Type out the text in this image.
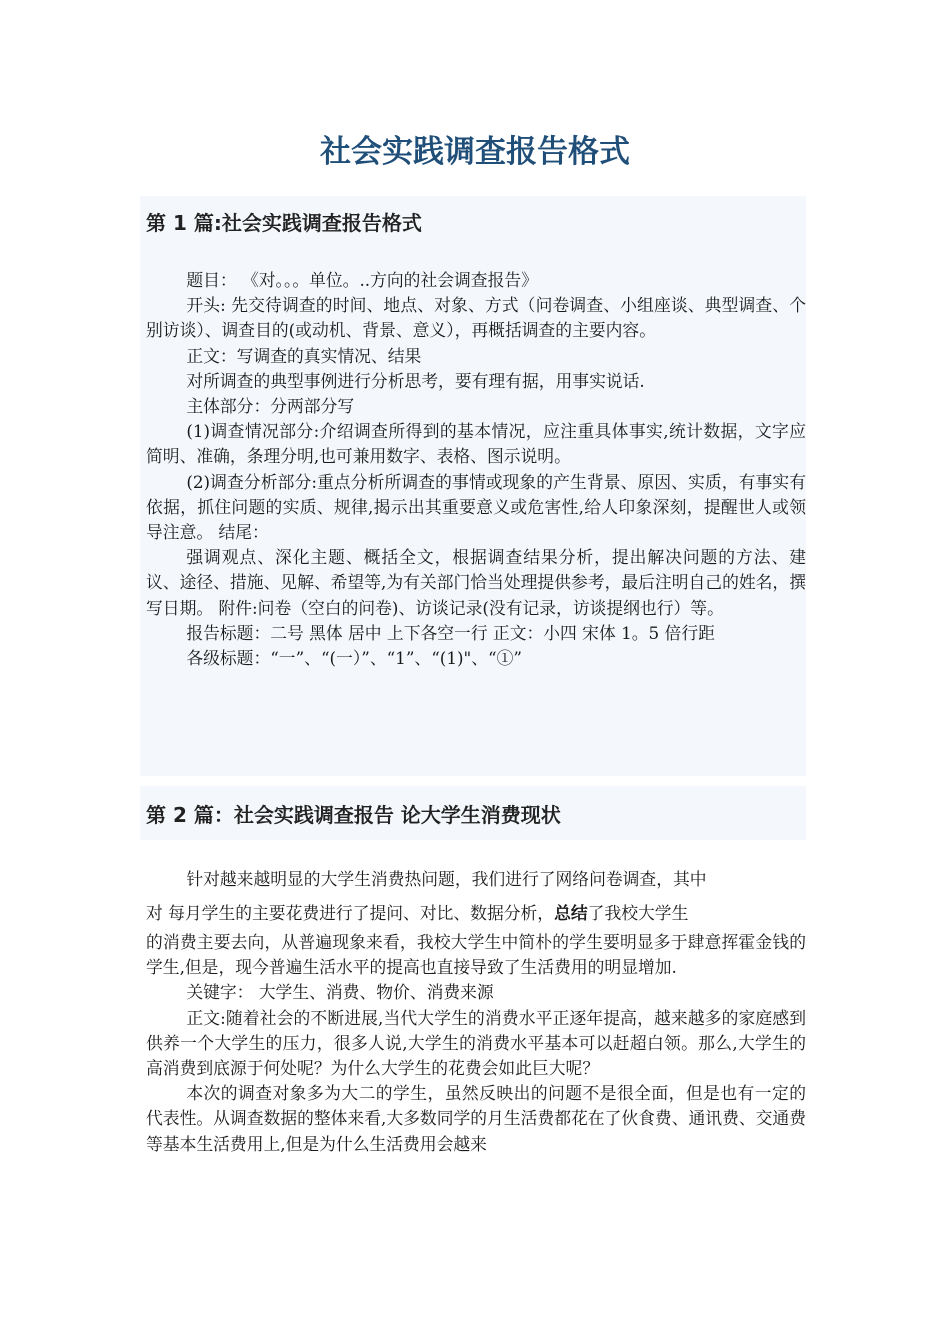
社会实践调查报告格式
第 1 篇:社会实践调查报告格式

题目： 《对。。。单位。..方向的社会调查报告》

开头: 先交待调查的时间、地点、对象、方式（问卷调查、小组座谈、典型调查、个别访谈）、调查目的(或动机、背景、意义），再概括调查的主要内容。

正文：写调查的真实情况、结果

对所调查的典型事例进行分析思考，要有理有据，用事实说话.

主体部分：分两部分写

(1)调查情况部分:介绍调查所得到的基本情况，应注重具体事实,统计数据，文字应简明、准确，条理分明,也可兼用数字、表格、图示说明。

(2)调查分析部分:重点分析所调查的事情或现象的产生背景、原因、实质，有事实有依据，抓住问题的实质、规律,揭示出其重要意义或危害性,给人印象深刻，提醒世人或领导注意。 结尾：

强调观点、深化主题、概括全文，根据调查结果分析，提出解决问题的方法、建议、途径、措施、见解、希望等,为有关部门恰当处理提供参考，最后注明自己的姓名，撰写日期。 附件:问卷（空白的问卷)、访谈记录(没有记录，访谈提纲也行）等。

报告标题：二号 黑体 居中 上下各空一行 正文：小四 宋体 1。5 倍行距

各级标题：“一”、“(一）”、“1”、“(1)"、“①”

第 2 篇：社会实践调查报告 论大学生消费现状

针对越来越明显的大学生消费热问题，我们进行了网络问卷调查，其中

对 每月学生的主要花费进行了提问、对比、数据分析，总结了我校大学生

的消费主要去向，从普遍现象来看，我校大学生中简朴的学生要明显多于肆意挥霍金钱的学生,但是，现今普遍生活水平的提高也直接导致了生活费用的明显增加.

关键字： 大学生、消费、物价、消费来源

正文:随着社会的不断进展,当代大学生的消费水平正逐年提高，越来越多的家庭感到供养一个大学生的压力，很多人说,大学生的消费水平基本可以赶超白领。那么,大学生的高消费到底源于何处呢？为什么大学生的花费会如此巨大呢？

本次的调查对象多为大二的学生，虽然反映出的问题不是很全面，但是也有一定的代表性。从调查数据的整体来看,大多数同学的月生活费都花在了伙食费、通讯费、交通费等基本生活费用上,但是为什么生活费用会越来
